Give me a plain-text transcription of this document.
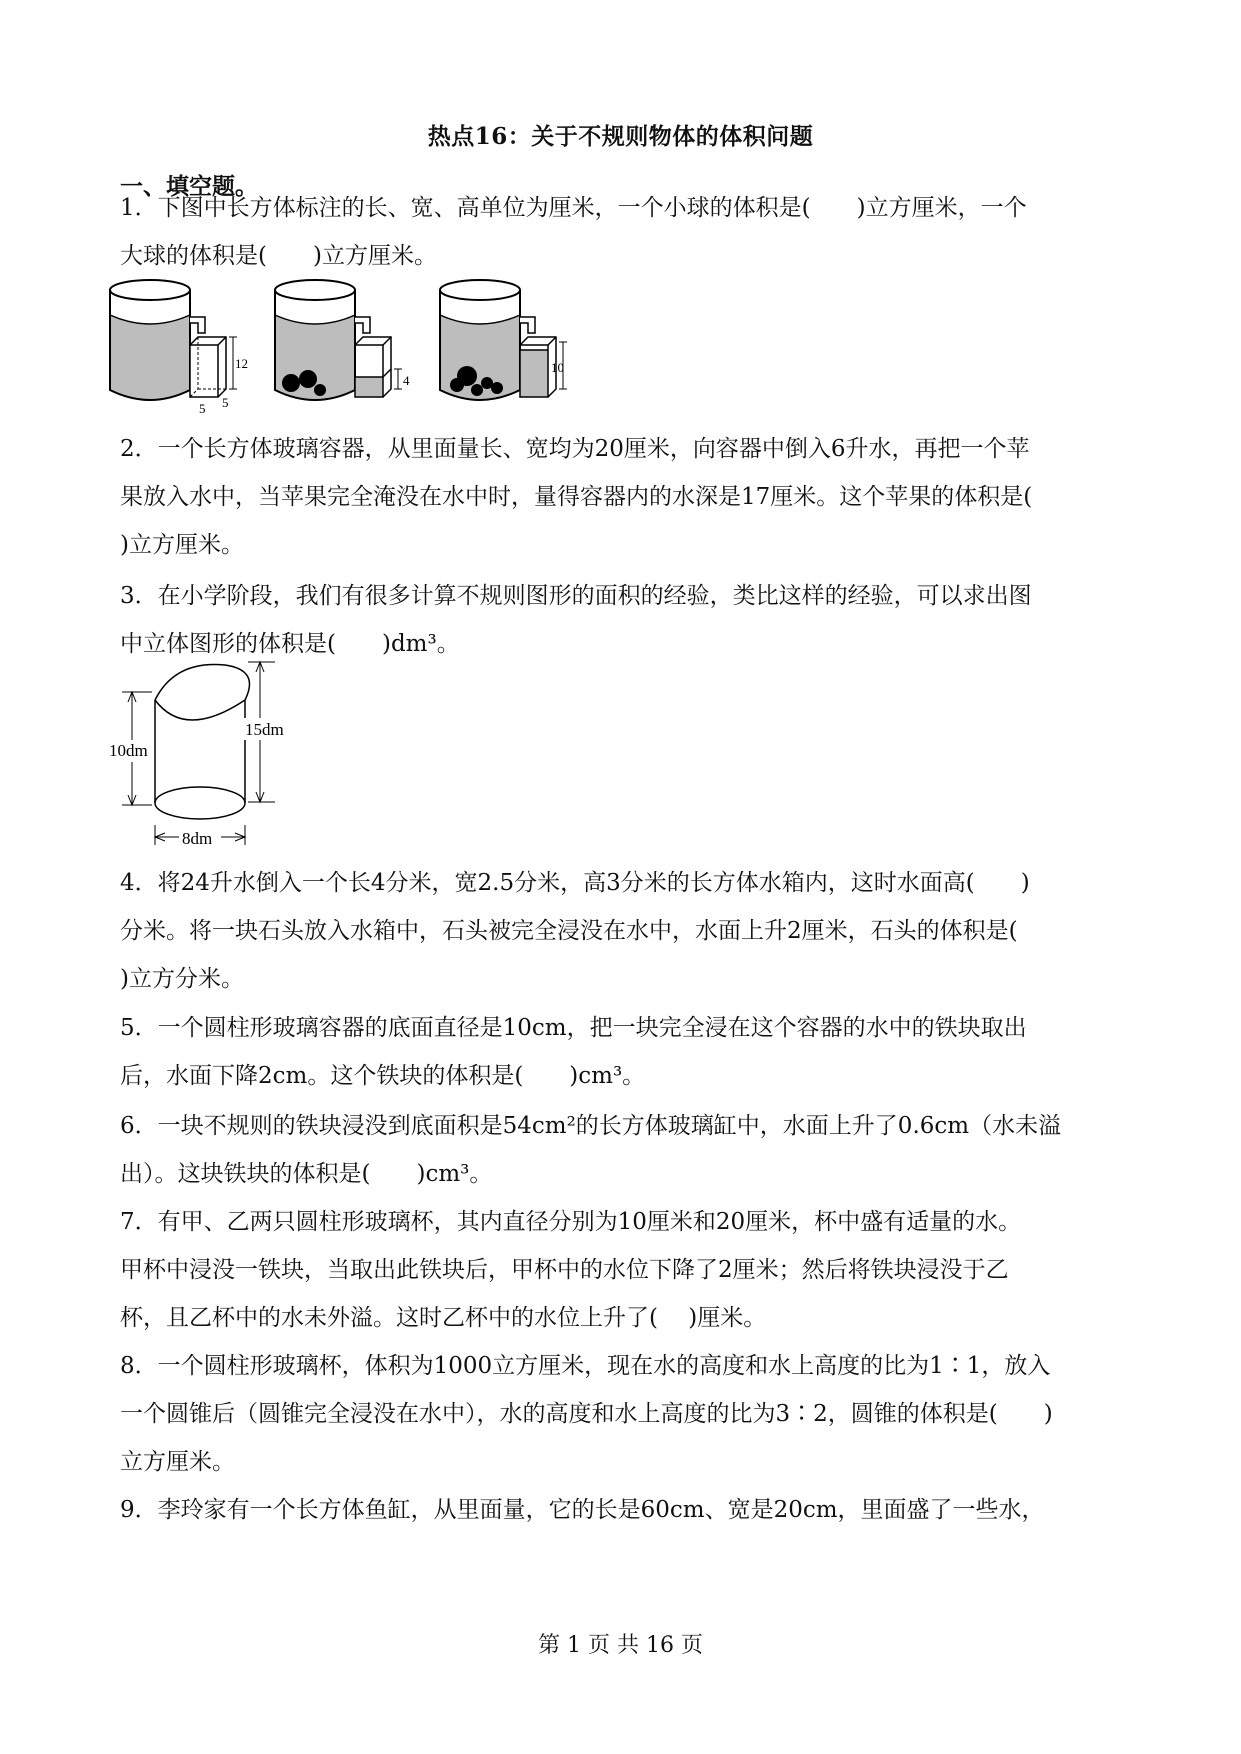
热点16：关于不规则物体的体积问题
一、填空题。
1．下图中长方体标注的长、宽、高单位为厘米，一个小球的体积是(　　)立方厘米，一个
大球的体积是(　　)立方厘米。
12
5 5
4
10
2．一个长方体玻璃容器，从里面量长、宽均为20厘米，向容器中倒入6升水，再把一个苹
果放入水中，当苹果完全淹没在水中时，量得容器内的水深是17厘米。这个苹果的体积是(
)立方厘米。
3．在小学阶段，我们有很多计算不规则图形的面积的经验，类比这样的经验，可以求出图
中立体图形的体积是(　　)dm³。
10dm
15dm
8dm
4．将24升水倒入一个长4分米，宽2.5分米，高3分米的长方体水箱内，这时水面高(　　)
分米。将一块石头放入水箱中，石头被完全浸没在水中，水面上升2厘米，石头的体积是(
)立方分米。
5．一个圆柱形玻璃容器的底面直径是10cm，把一块完全浸在这个容器的水中的铁块取出
后，水面下降2cm。这个铁块的体积是(　　)cm³。
6．一块不规则的铁块浸没到底面积是54cm²的长方体玻璃缸中，水面上升了0.6cm（水未溢
出）。这块铁块的体积是(　　)cm³。
7．有甲、乙两只圆柱形玻璃杯，其内直径分别为10厘米和20厘米，杯中盛有适量的水。
甲杯中浸没一铁块，当取出此铁块后，甲杯中的水位下降了2厘米；然后将铁块浸没于乙
杯，且乙杯中的水未外溢。这时乙杯中的水位上升了(　 )厘米。
8．一个圆柱形玻璃杯，体积为1000立方厘米，现在水的高度和水上高度的比为1∶1，放入
一个圆锥后（圆锥完全浸没在水中），水的高度和水上高度的比为3∶2，圆锥的体积是(　　)
立方厘米。
9．李玲家有一个长方体鱼缸，从里面量，它的长是60cm、宽是20cm，里面盛了一些水，
第 1 页 共 16 页
